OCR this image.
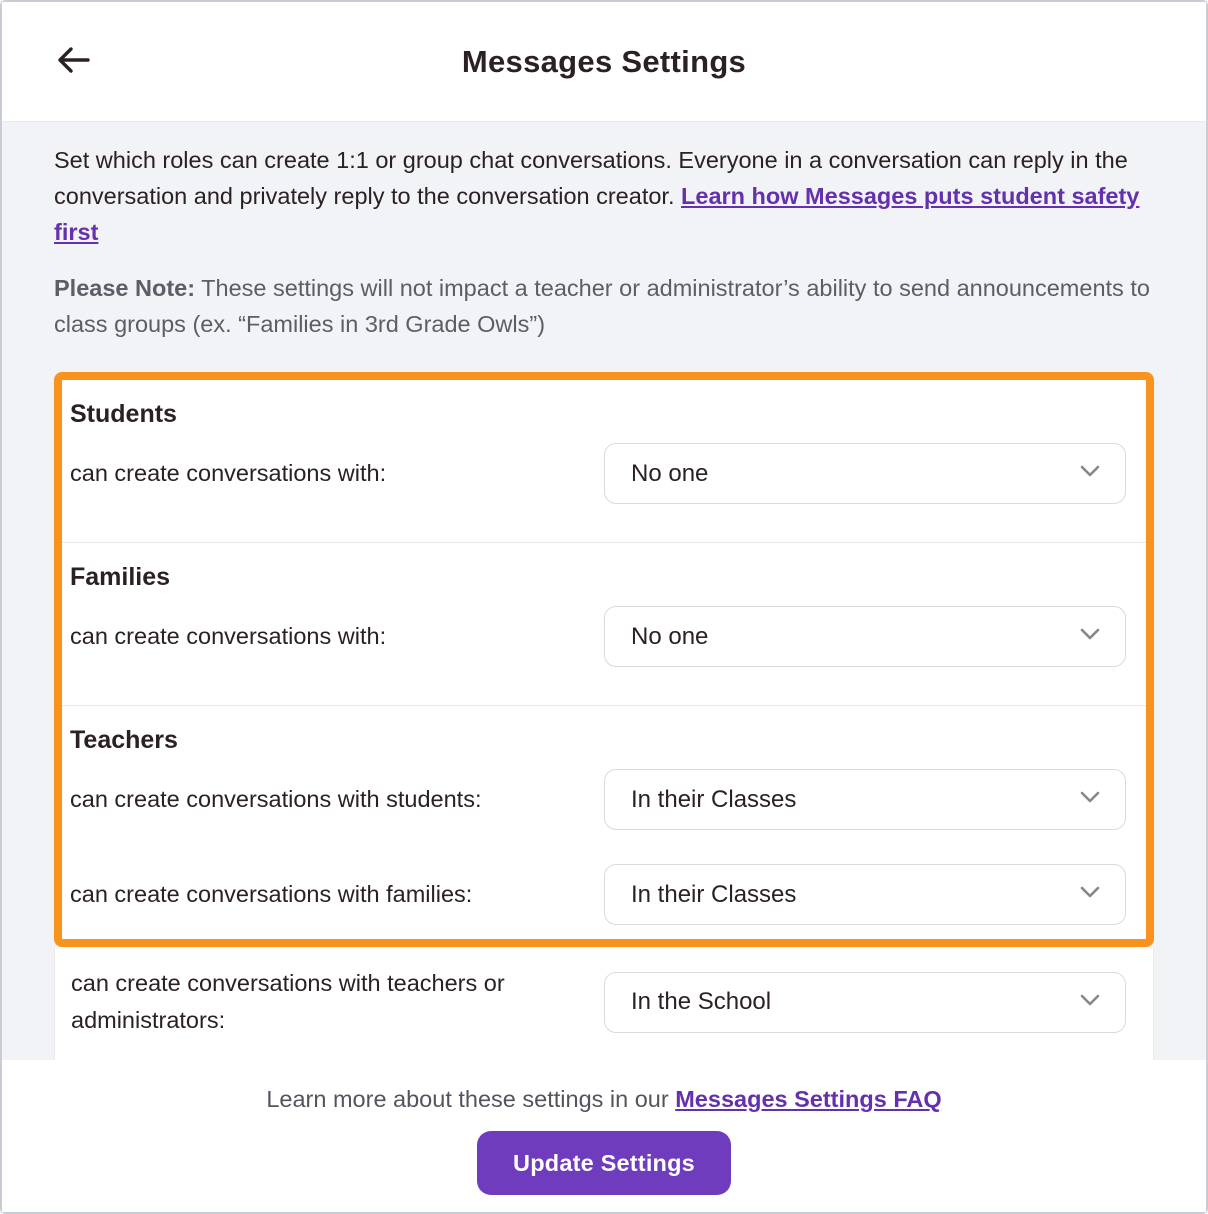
Messages Settings

Set which roles can create 1:1 or group chat conversations. Everyone in a conversation can reply in the conversation and privately reply to the conversation creator. Learn how Messages puts student safety first

Please Note: These settings will not impact a teacher or administrator’s ability to send announcements to class groups (ex. “Families in 3rd Grade Owls”)

Students
can create conversations with:	No one
Families
can create conversations with:	No one
Teachers
can create conversations with students:	In their Classes
can create conversations with families:	In their Classes
can create conversations with teachers or administrators:
In the School
Learn more about these settings in our Messages Settings FAQ
Update Settings
